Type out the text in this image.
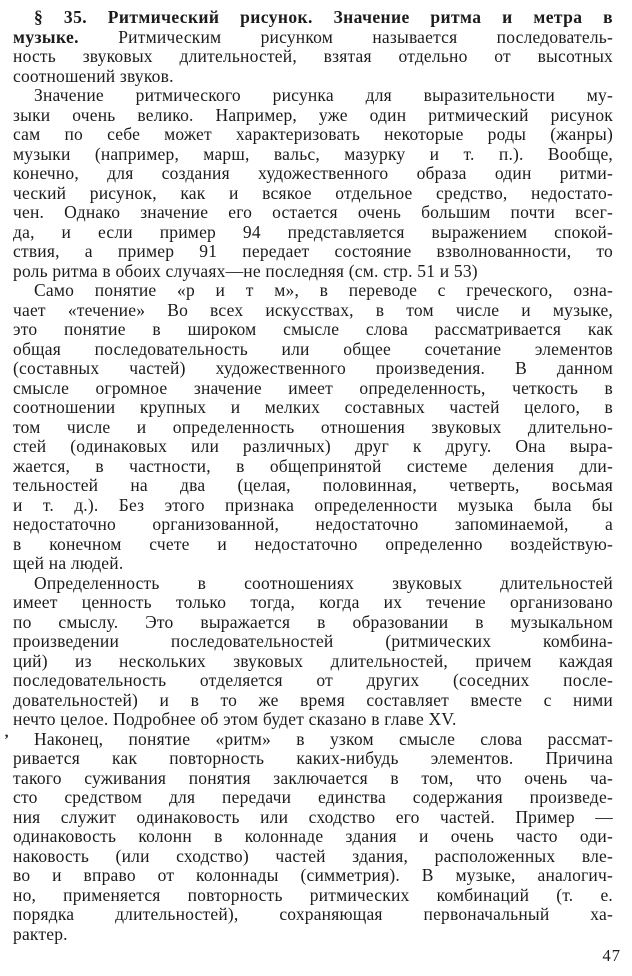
§ 35. Ритмический рисунок. Значение ритма и метра в
музыке. Ритмическим рисунком называется последователь-
ность звуковых длительностей, взятая отдельно от высотных
соотношений звуков.
Значение ритмического рисунка для выразительности му-
зыки очень велико. Например, уже один ритмический рисунок
сам по себе может характеризовать некоторые роды (жанры)
музыки (например, марш, вальс, мазурку и т. п.). Вообще,
конечно, для создания художественного образа один ритми-
ческий рисунок, как и всякое отдельное средство, недостато-
чен. Однако значение его остается очень большим почти всег-
да, и если пример 94 представляется выражением спокой-
ствия, а пример 91 передает состояние взволнованности, то
роль ритма в обоих случаях—не последняя (см. стр. 51 и 53)
Само понятие «р и т м», в переводе с греческого, озна-
чает «течение» Во всех искусствах, в том числе и музыке,
это понятие в широком смысле слова рассматривается как
общая последовательность или общее сочетание элементов
(составных частей) художественного произведения. В данном
смысле огромное значение имеет определенность, четкость в
соотношении крупных и мелких составных частей целого, в
том числе и определенность отношения звуковых длительно-
стей (одинаковых или различных) друг к другу. Она выра-
жается, в частности, в общепринятой системе деления дли-
тельностей на два (целая, половинная, четверть, восьмая
и т. д.). Без этого признака определенности музыка была бы
недостаточно организованной, недостаточно запоминаемой, а
в конечном счете и недостаточно определенно воздействую-
щей на людей.
Определенность в соотношениях звуковых длительностей
имеет ценность только тогда, когда их течение организовано
по смыслу. Это выражается в образовании в музыкальном
произведении последовательностей (ритмических комбина-
ций) из нескольких звуковых длительностей, причем каждая
последовательность отделяется от других (соседних после-
довательностей) и в то же время составляет вместе с ними
нечто целое. Подробнее об этом будет сказано в главе XV.
’ Наконец, понятие «ритм» в узком смысле слова рассмат-
ривается как повторность каких-нибудь элементов. Причина
такого суживания понятия заключается в том, что очень ча-
сто средством для передачи единства содержания произведе-
ния служит одинаковость или сходство его частей. Пример —
одинаковость колонн в колоннаде здания и очень часто оди-
наковость (или сходство) частей здания, расположенных вле-
во и вправо от колоннады (симметрия). В музыке, аналогич-
но, применяется повторность ритмических комбинаций (т. е.
порядка длительностей), сохраняющая первоначальный ха-
рактер.
47
